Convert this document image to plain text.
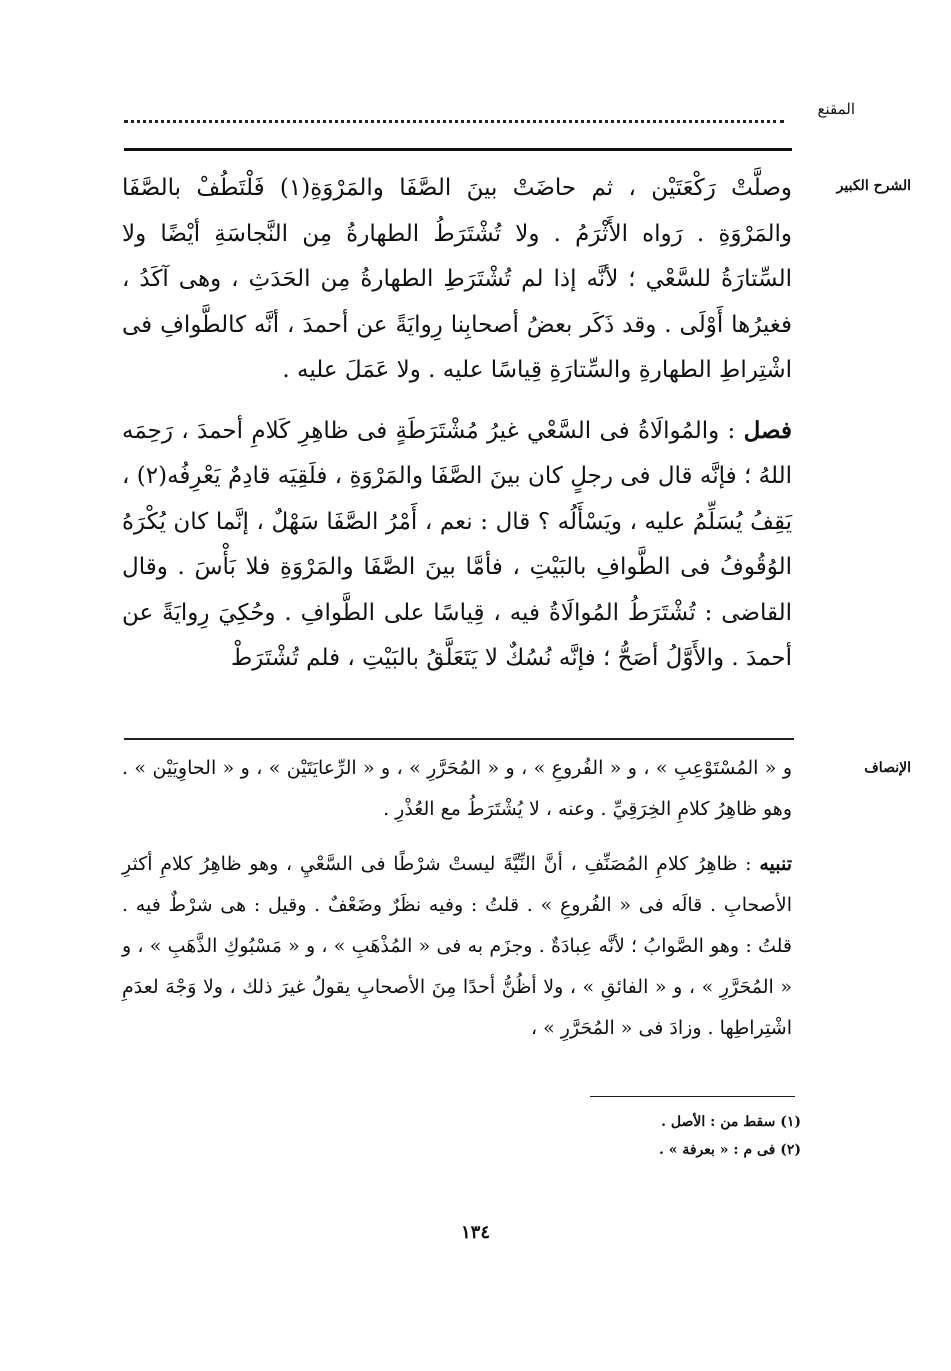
المقنع
الشرح الكبير

وصلَّتْ رَكْعَتَيْن ، ثم حاضَتْ بينَ الصَّفَا والمَرْوَةِ(١) فَلْتَطُفْ بالصَّفَا والمَرْوَةِ . رَواه الأَثْرَمُ . ولا تُشْتَرَطُ الطهارةُ مِن النَّجاسَةِ أيْضًا ولا السِّتارَةُ للسَّعْي ؛ لأنَّه إذا لم تُشْتَرَطِ الطهارةُ مِن الحَدَثِ ، وهى آكَدُ ، فغيرُها أَوْلَى . وقد ذَكَر بعضُ أصحابِنا رِوايَةً عن أحمدَ ، أنَّه كالطَّوافِ فى اشْتِراطِ الطهارةِ والسِّتارَةِ قِياسًا عليه . ولا عَمَلَ عليه .

فصل : والمُوالَاةُ فى السَّعْي غيرُ مُشْتَرَطَةٍ فى ظاهِرِ كَلامِ أحمدَ ، رَحِمَه اللهُ ؛ فإنَّه قال فى رجلٍ كان بينَ الصَّفَا والمَرْوَةِ ، فلَقِيَه قادِمٌ يَعْرِفُه(٢) ، يَقِفُ يُسَلِّمُ عليه ، ويَسْأَلُه ؟ قال : نعم ، أَمْرُ الصَّفَا سَهْلٌ ، إنَّما كان يُكْرَهُ الوُقُوفُ فى الطَّوافِ بالبَيْتِ ، فأمَّا بينَ الصَّفَا والمَرْوَةِ فلا بَأْسَ . وقال القاضى : تُشْتَرَطُ المُوالَاةُ فيه ، قِياسًا على الطَّوافِ . وحُكِيَ رِوايَةً عن أحمدَ . والأَوَّلُ أصَحُّ ؛ فإنَّه نُسُكٌ لا يَتَعَلَّقُ بالبَيْتِ ، فلم تُشْتَرَطْ

الإنصاف

و « المُسْتَوْعِبِ » ، و « الفُروعِ » ، و « المُحَرَّرِ » ، و « الرِّعايَتَيْن » ، و « الحاوِيَيْن » . وهو ظاهِرُ كلامِ الخِرَقِيِّ . وعنه ، لا يُشْتَرَطُ مع العُذْرِ .

تنبيه : ظاهِرُ كلامِ المُصَنِّفِ ، أنَّ النِّيَّةَ ليستْ شرْطًا فى السَّعْيِ ، وهو ظاهِرُ كلامِ أكثرِ الأصحابِ . قالَه فى « الفُروعِ » . قلتُ : وفيه نظَرٌ وضَعْفٌ . وقيل : هى شرْطٌ فيه . قلتُ : وهو الصَّوابُ ؛ لأنَّه عِبادَةٌ . وجزَم به فى « المُذْهَبِ » ، و « مَسْبُوكِ الذَّهَبِ » ، و « المُحَرَّرِ » ، و « الفائقِ » ، ولا أظُنُّ أحدًا مِنَ الأصحابِ يقولُ غيرَ ذلك ، ولا وَجْهَ لعدَمِ اشْتِراطِها . وزادَ فى « المُحَرَّرِ » ،

(١) سقط من : الأصل .
(٢) فى م : « بعرفة » .
١٣٤
